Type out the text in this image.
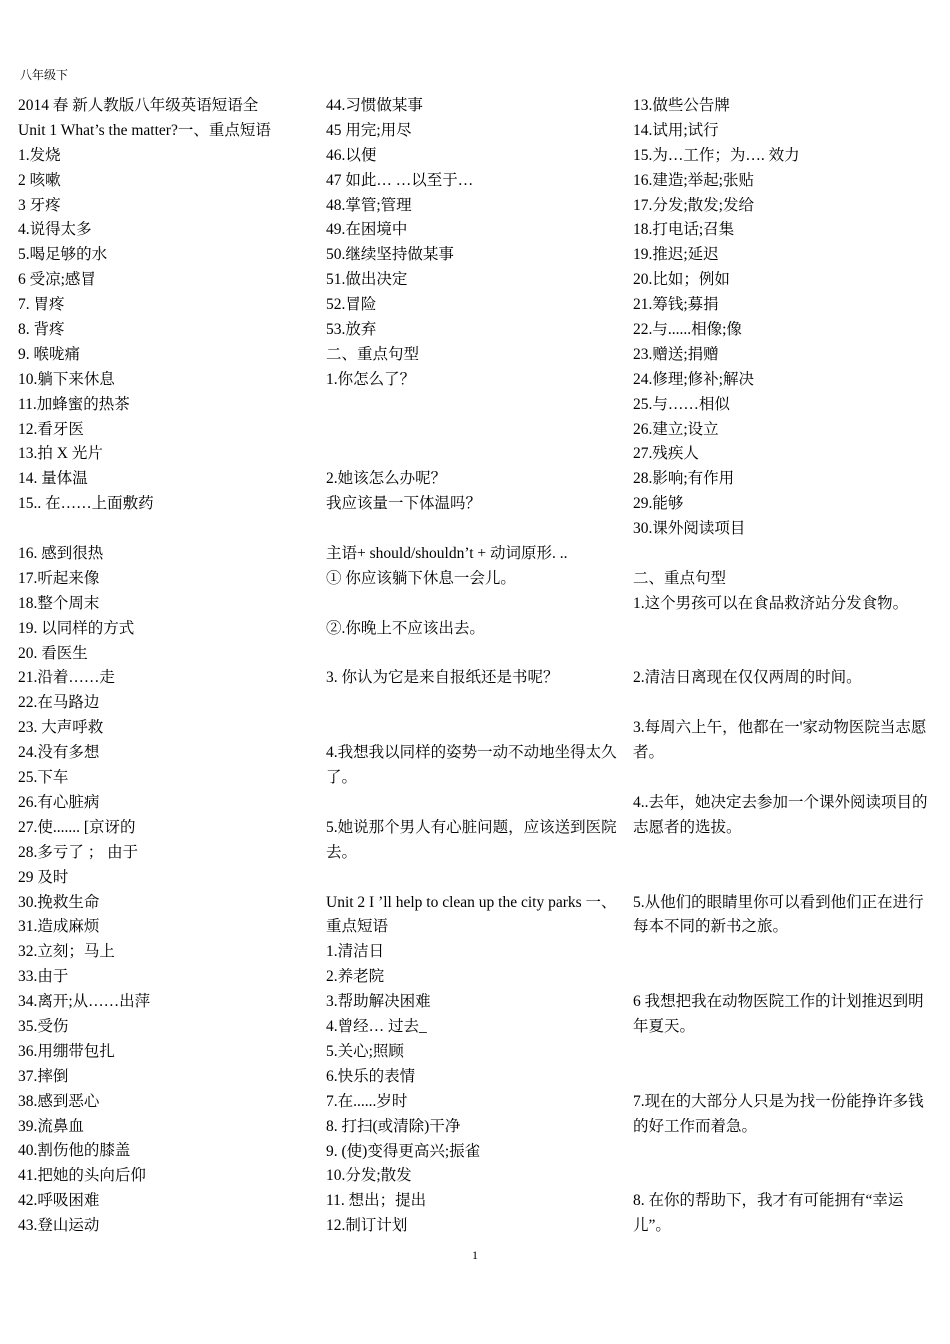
八年级下
2014 春 新人教版八年级英语短语全
Unit 1 What’s the matter?一、重点短语
1.发烧
2 咳嗽
3 牙疼
4.说得太多
5.喝足够的水
6 受凉;感冒
7. 胃疼
8. 背疼
9. 喉咙痛
10.躺下来休息
11.加蜂蜜的热茶
12.看牙医
13.拍 X 光片
14. 量体温
15.. 在……上面敷药
16. 感到很热
17.听起来像
18.整个周末
19. 以同样的方式
20. 看医生
21.沿着……走
22.在马路边
23. 大声呼救
24.没有多想
25.下车
26.有心脏病
27.使....... [京讶的
28.多亏了 ； 由于
29 及时
30.挽救生命
31.造成麻烦
32.立刻；马上
33.由于
34.离开;从……出萍
35.受伤
36.用绷带包扎
37.摔倒
38.感到恶心
39.流鼻血
40.割伤他的膝盖
41.把她的头向后仰
42.呼吸困难
43.登山运动
44.习惯做某事
45 用完;用尽
46.以便
47 如此… …以至于…
48.掌管;管理
49.在困境中
50.继续坚持做某事
51.做出决定
52.冒险
53.放弃
二、重点句型
1.你怎么了？
2.她该怎么办呢？
我应该量一下体温吗？
主语+ should/shouldn’t + 动词原形. ..
① 你应该躺下休息一会儿。
②.你晚上不应该出去。
3. 你认为它是来自报纸还是书呢？
4.我想我以同样的姿势一动不动地坐得太久了。
5.她说那个男人有心脏问题，应该送到医院去。
Unit 2 I ’ll help to clean up the city parks 一、重点短语
1.清洁日
2.养老院
3.帮助解决困难
4.曾经… 过去_
5.关心;照顾
6.快乐的表情
7.在......岁时
8. 打扫(或清除)干净
9. (使)变得更高兴;振雀
10.分发;散发
11. 想出；提出
12.制订计划
13.做些公告牌
14.试用;试行
15.为…工作；为…. 效力
16.建造;举起;张贴
17.分发;散发;发给
18.打电话;召集
19.推迟;延迟
20.比如；例如
21.筹钱;募捐
22.与......相像;像
23.赠送;捐赠
24.修理;修补;解决
25.与……相似
26.建立;设立
27.残疾人
28.影响;有作用
29.能够
30.课外阅读项目
二、重点句型
1.这个男孩可以在食品救济站分发食物。
2.清洁日离现在仅仅两周的时间。
3.每周六上午，他都在一'家动物医院当志愿者。
4..去年，她决定去参加一个课外阅读项目的志愿者的选拔。
5.从他们的眼睛里你可以看到他们正在进行每本不同的新书之旅。
6 我想把我在动物医院工作的计划推迟到明年夏天。
7.现在的大部分人只是为找一份能挣许多钱的好工作而着急。
8. 在你的帮助下，我才有可能拥有“幸运儿”。
1
